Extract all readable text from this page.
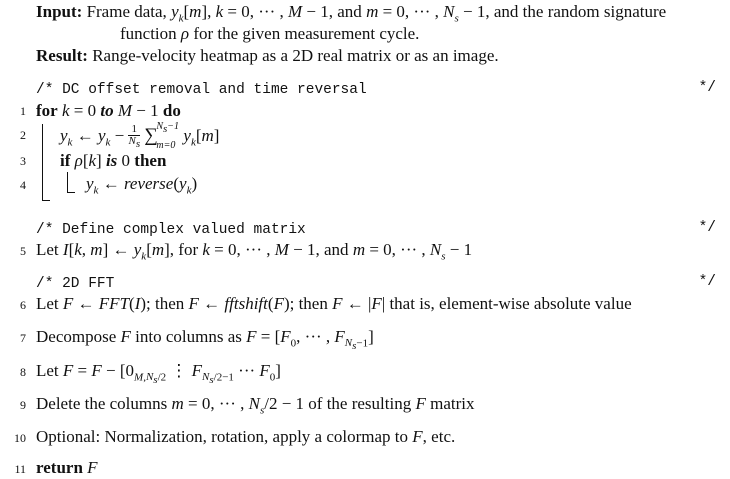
Input: Frame data, $y_k[m]$, k = 0, ··· , M − 1, and m = 0, ··· , $N_s - 1$, and the random signature
function ρ for the given measurement cycle.
Result: Range-velocity heatmap as a 2D real matrix or as an image.
/* DC offset removal and time reversal	*/
1 for k = 0 to M − 1 do
2 $y_k$ ← $y_k - \frac{1}{N_s}$ ∑
$N_s-1$
m=0
$y_k[m]$
3 if ρ[k] is 0 then
4	$y_k$ ← $reverse(y_k)$
/* Define complex valued matrix	*/
5 Let I[k, m] ← $y_k[m]$, for k = 0, ··· , M − 1, and m = 0, ··· , $N_s - 1$
/* 2D FFT	*/
6 Let F ← FFT(I); then F ← fftshift(F); then F ← |F| that is, element-wise absolute value
7 Decompose F into columns as $F = [F_0$, ··· , $F_{N_s-1}$]
8 Let $F = F - [0_{M,N_s/2}$ ⋮ $F_{N_s/2-1}$ ··· $F_0$]
9 Delete the columns m = 0, ··· , $N_s/2 - 1$ of the resulting F matrix
10 Optional: Normalization, rotation, apply a colormap to F, etc.
11 return F
